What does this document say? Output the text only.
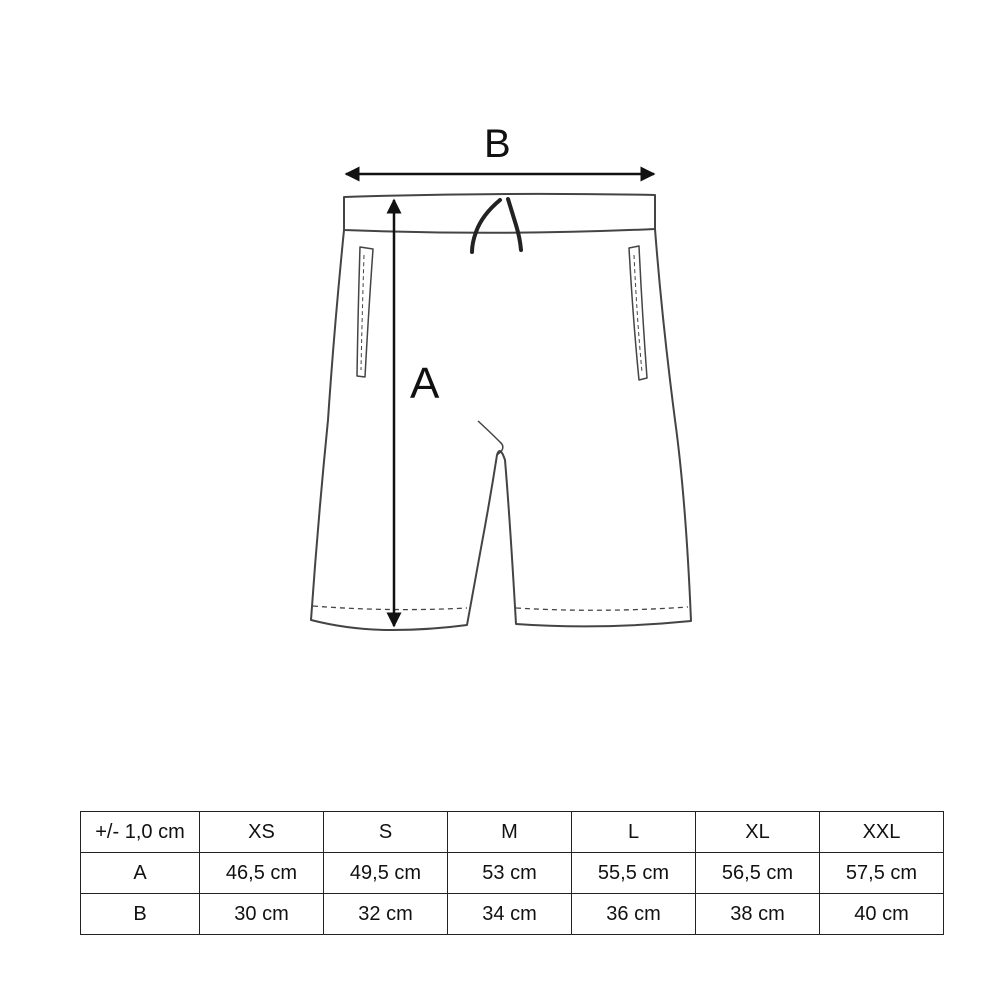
B
A
+/- 1,0 cm	XS	S	M	L	XL	XXL
A	46,5 cm	49,5 cm	53 cm	55,5 cm	56,5 cm	57,5 cm
B	30 cm	32 cm	34 cm	36 cm	38 cm	40 cm
